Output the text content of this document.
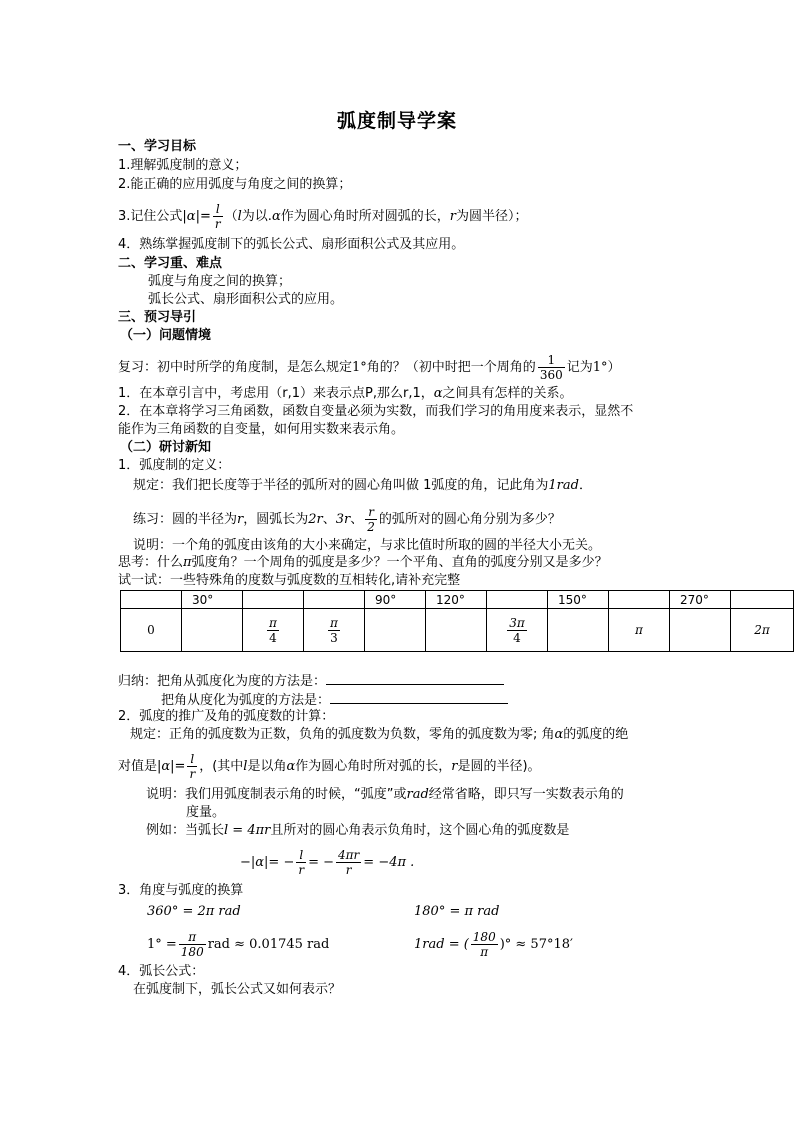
弧度制导学案
一、学习目标
1.理解弧度制的意义；
2.能正确的应用弧度与角度之间的换算；
3.记住公式$|\alpha|= \frac{l}{r} (l$为以.α作为圆心角时所对圆弧的长，r为圆半径）；
4．熟练掌握弧度制下的弧长公式、扇形面积公式及其应用。
二、学习重、难点
弧度与角度之间的换算；
弧长公式、扇形面积公式的应用。
三、预习导引
（一）问题情境
复习：初中时所学的角度制，是怎么规定1°角的？（初中时把一个周角的 $\frac{1}{360}$ 记为1°）
1．在本章引言中，考虑用（r,1）来表示点P,那么r,1，α之间具有怎样的关系。
2．在本章将学习三角函数，函数自变量必须为实数，而我们学习的角用度来表示，显然不
能作为三角函数的自变量，如何用实数来表示角。
（二）研讨新知
1．弧度制的定义：
规定：我们把长度等于半径的弧所对的圆心角叫做 1弧度的角，记此角为1rad．
练习：圆的半径为r，圆弧长为2r、3r、 $\frac{r}{2}$ 的弧所对的圆心角分别为多少？
说明：一个角的弧度由该角的大小来确定，与求比值时所取的圆的半径大小无关。
思考：什么π弧度角？一个周角的弧度是多少？一个平角、直角的弧度分别又是多少？
试一试：一些特殊角的度数与弧度数的互相转化,请补充完整
	30°			90°	120°		150°		270°	
0		$\frac{\pi}{4}$	$\frac{\pi}{3}$			$\frac{3\pi}{4}$		π		2π
归纳：把角从弧度化为度的方法是：
把角从度化为弧度的方法是：
2．弧度的推广及角的弧度数的计算：
规定：正角的弧度数为正数，负角的弧度数为负数，零角的弧度数为零; 角α的弧度的绝
对值是$|\alpha|= \frac{l}{r}$ ，(其中l是以角α作为圆心角时所对弧的长，r是圆的半径)。
说明：我们用弧度制表示角的时候，“弧度”或rad经常省略，即只写一实数表示角的
度量。
例如：当弧长l = 4πr且所对的圆心角表示负角时，这个圆心角的弧度数是
$-|\alpha|= - \frac{l}{r}$ = − $\frac{4\pi r}{r} = -4\pi$ .
3．角度与弧度的换算
360° = 2π rad	180° = π rad
$1^\circ = \frac{\pi}{180}$ rad ≈ 0.01745 rad	1rad = ( $\frac{180}{\pi}$ )° ≈ 57°18′
4．弧长公式：
在弧度制下，弧长公式又如何表示？
